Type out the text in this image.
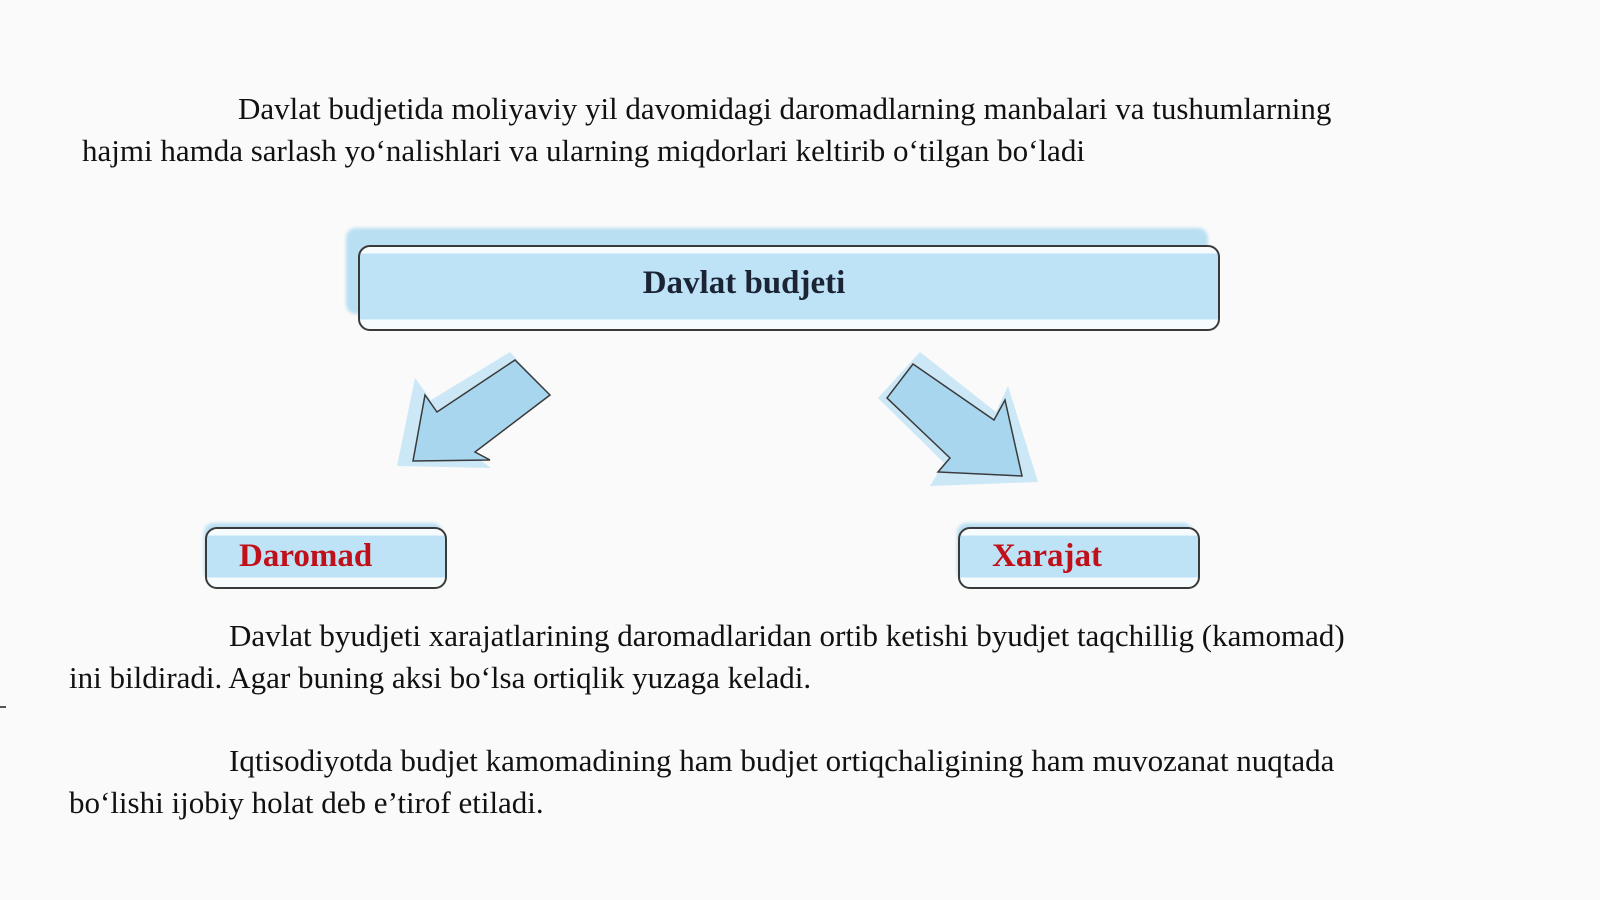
Davlat budjetida moliyaviy yil davomidagi daromadlarning manbalari va tushumlarning hajmi hamda sarlash yo‘nalishlari va ularning miqdorlari keltirib o‘tilgan bo‘ladi

Davlat budjeti
Daromad	Xarajat

Davlat byudjeti xarajatlarining daromadlaridan ortib ketishi byudjet taqchillig (kamomad) ini bildiradi. Agar buning aksi bo‘lsa ortiqlik yuzaga keladi.

Iqtisodiyotda budjet kamomadining ham budjet ortiqchaligining ham muvozanat nuqtada bo‘lishi ijobiy holat deb e’tirof etiladi.
